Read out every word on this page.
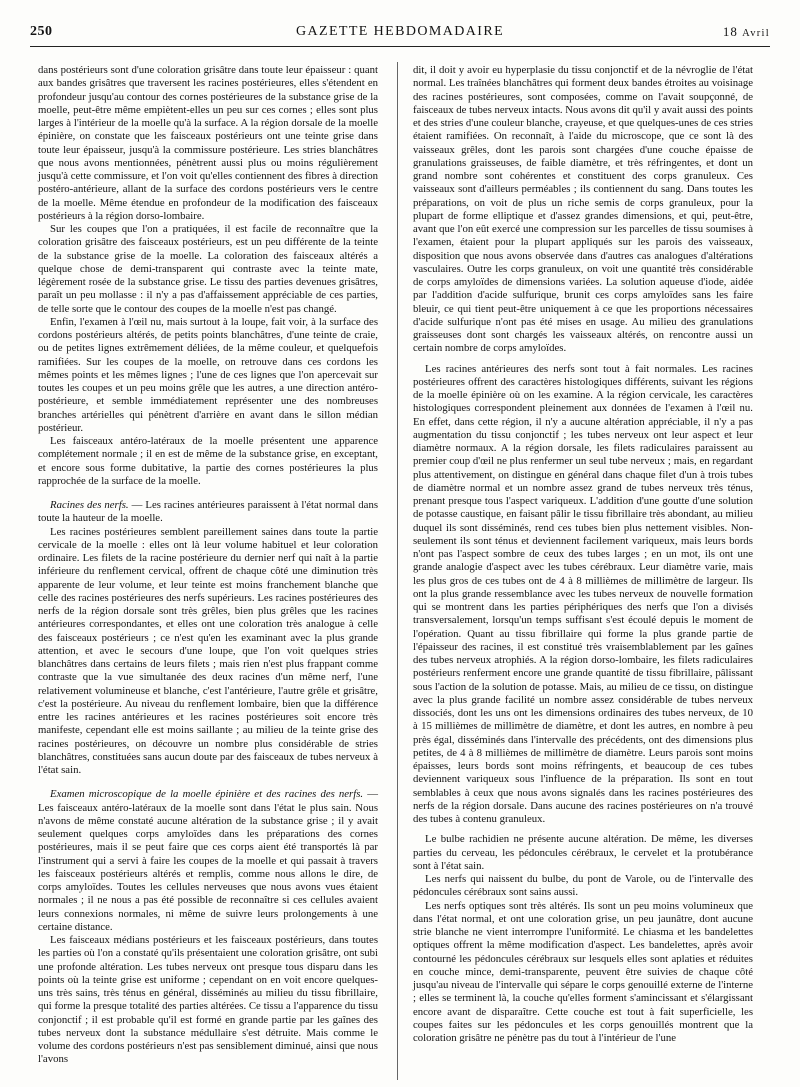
250	GAZETTE HEBDOMADAIRE	18 Avril

dans postérieurs sont d'une coloration grisâtre dans toute leur épaisseur : quant aux bandes grisâtres que traversent les racines postérieures, elles s'étendent en profondeur jusqu'au contour des cornes postérieures de la substance grise de la moelle, peut-être même empiètent-elles un peu sur ces cornes ; elles sont plus larges à l'intérieur de la moelle qu'à la surface. A la région dorsale de la moelle épinière, on constate que les faisceaux postérieurs ont une teinte grise dans toute leur épaisseur, jusqu'à la commissure postérieure. Les stries blanchâtres que nous avons mentionnées, pénètrent aussi plus ou moins régulièrement jusqu'à cette commissure, et l'on voit qu'elles contiennent des fibres à direction postéro-antérieure, allant de la surface des cordons postérieurs vers le centre de la moelle. Même étendue en profondeur de la modification des faisceaux postérieurs à la région dorso-lombaire.

Sur les coupes que l'on a pratiquées, il est facile de reconnaître que la coloration grisâtre des faisceaux postérieurs, est un peu différente de la teinte de la substance grise de la moelle. La coloration des faisceaux altérés a quelque chose de demi-transparent qui contraste avec la teinte mate, légèrement rosée de la substance grise. Le tissu des parties devenues grisâtres, paraît un peu mollasse : il n'y a pas d'affaissement appréciable de ces parties, de telle sorte que le contour des coupes de la moelle n'est pas changé.

Enfin, l'examen à l'œil nu, mais surtout à la loupe, fait voir, à la surface des cordons postérieurs altérés, de petits points blanchâtres, d'une teinte de craie, ou de petites lignes extrêmement déliées, de la même couleur, et quelquefois ramifiées. Sur les coupes de la moelle, on retrouve dans ces cordons les mêmes points et les mêmes lignes ; l'une de ces lignes que l'on apercevait sur toutes les coupes et un peu moins grêle que les autres, a une direction antéro-postérieure, et semble immédiatement représenter une des nombreuses branches artérielles qui pénètrent d'arrière en avant dans le sillon médian postérieur.

Les faisceaux antéro-latéraux de la moelle présentent une apparence complétement normale ; il en est de même de la substance grise, en exceptant, et encore sous forme dubitative, la partie des cornes postérieures la plus rapprochée de la surface de la moelle.

Racines des nerfs. — Les racines antérieures paraissent à l'état normal dans toute la hauteur de la moelle.

Les racines postérieures semblent pareillement saines dans toute la partie cervicale de la moelle : elles ont là leur volume habituel et leur coloration ordinaire. Les filets de la racine postérieure du dernier nerf qui naît à la partie inférieure du renflement cervical, offrent de chaque côté une diminution très apparente de leur volume, et leur teinte est moins franchement blanche que celle des racines postérieures des nerfs supérieurs. Les racines postérieures des nerfs de la région dorsale sont très grêles, bien plus grêles que les racines antérieures correspondantes, et elles ont une coloration très analogue à celle des faisceaux postérieurs ; ce n'est qu'en les examinant avec la plus grande attention, et avec le secours d'une loupe, que l'on voit quelques stries blanchâtres dans certains de leurs filets ; mais rien n'est plus frappant comme contraste que la vue simultanée des deux racines d'un même nerf, l'une relativement volumineuse et blanche, c'est l'antérieure, l'autre grêle et grisâtre, c'est la postérieure. Au niveau du renflement lombaire, bien que la différence entre les racines antérieures et les racines postérieures soit encore très manifeste, cependant elle est moins saillante ; au milieu de la teinte grise des racines postérieures, on découvre un nombre plus considérable de stries blanchâtres, constituées sans aucun doute par des faisceaux de tubes nerveux à l'état sain.

Examen microscopique de la moelle épinière et des racines des nerfs. — Les faisceaux antéro-latéraux de la moelle sont dans l'état le plus sain. Nous n'avons de même constaté aucune altération de la substance grise ; il y avait seulement quelques corps amyloïdes dans les préparations des cornes postérieures, mais il se peut faire que ces corps aient été transportés là par l'instrument qui a servi à faire les coupes de la moelle et qui passait à travers les faisceaux postérieurs altérés et remplis, comme nous allons le dire, de corps amyloïdes. Toutes les cellules nerveuses que nous avons vues étaient normales ; il ne nous a pas été possible de reconnaître si ces cellules avaient leurs connexions normales, ni même de suivre leurs prolongements à une certaine distance.

Les faisceaux médians postérieurs et les faisceaux postérieurs, dans toutes les parties où l'on a constaté qu'ils présentaient une coloration grisâtre, ont subi une profonde altération. Les tubes nerveux ont presque tous disparu dans les points où la teinte grise est uniforme ; cependant on en voit encore quelques-uns très sains, très ténus en général, disséminés au milieu du tissu fibrillaire, qui forme la presque totalité des parties altérées. Ce tissu a l'apparence du tissu conjonctif ; il est probable qu'il est formé en grande partie par les gaînes des tubes nerveux dont la substance médullaire s'est détruite. Mais comme le volume des cordons postérieurs n'est pas sensiblement diminué, ainsi que nous l'avons

dit, il doit y avoir eu hyperplasie du tissu conjonctif et de la névroglie de l'état normal. Les traînées blanchâtres qui forment deux bandes étroites au voisinage des racines postérieures, sont composées, comme on l'avait soupçonné, de faisceaux de tubes nerveux intacts. Nous avons dit qu'il y avait aussi des points et des stries d'une couleur blanche, crayeuse, et que quelques-unes de ces stries étaient ramifiées. On reconnaît, à l'aide du microscope, que ce sont là des vaisseaux grêles, dont les parois sont chargées d'une couche épaisse de granulations graisseuses, de faible diamètre, et très réfringentes, et dont un grand nombre sont cohérentes et constituent des corps granuleux. Ces vaisseaux sont d'ailleurs perméables ; ils contiennent du sang. Dans toutes les préparations, on voit de plus un riche semis de corps granuleux, pour la plupart de forme elliptique et d'assez grandes dimensions, et qui, peut-être, avant que l'on eût exercé une compression sur les parcelles de tissu soumises à l'examen, étaient pour la plupart appliqués sur les parois des vaisseaux, disposition que nous avons observée dans d'autres cas analogues d'altérations vasculaires. Outre les corps granuleux, on voit une quantité très considérable de corps amyloïdes de dimensions variées. La solution aqueuse d'iode, aidée par l'addition d'acide sulfurique, brunit ces corps amyloïdes sans les faire bleuir, ce qui tient peut-être uniquement à ce que les proportions nécessaires d'acide sulfurique n'ont pas été mises en usage. Au milieu des granulations graisseuses dont sont chargés les vaisseaux altérés, on rencontre aussi un certain nombre de corps amyloïdes.

Les racines antérieures des nerfs sont tout à fait normales. Les racines postérieures offrent des caractères histologiques différents, suivant les régions de la moelle épinière où on les examine. A la région cervicale, les caractères histologiques correspondent pleinement aux données de l'examen à l'œil nu. En effet, dans cette région, il n'y a aucune altération appréciable, il n'y a pas augmentation du tissu conjonctif ; les tubes nerveux ont leur aspect et leur diamètre normaux. A la région dorsale, les filets radiculaires paraissent au premier coup d'œil ne plus renfermer un seul tube nerveux ; mais, en regardant plus attentivement, on distingue en général dans chaque filet d'un à trois tubes de diamètre normal et un nombre assez grand de tubes nerveux très ténus, prenant presque tous l'aspect variqueux. L'addition d'une goutte d'une solution de potasse caustique, en faisant pâlir le tissu fibrillaire très abondant, au milieu duquel ils sont disséminés, rend ces tubes bien plus nettement visibles. Non-seulement ils sont ténus et deviennent facilement variqueux, mais leurs bords n'ont pas l'aspect sombre de ceux des tubes larges ; en un mot, ils ont une grande analogie d'aspect avec les tubes cérébraux. Leur diamètre varie, mais les plus gros de ces tubes ont de 4 à 8 millièmes de millimètre de largeur. Ils ont la plus grande ressemblance avec les tubes nerveux de nouvelle formation qui se montrent dans les parties périphériques des nerfs que l'on a divisés transversalement, lorsqu'un temps suffisant s'est écoulé depuis le moment de l'opération. Quant au tissu fibrillaire qui forme la plus grande partie de l'épaisseur des racines, il est constitué très vraisemblablement par les gaînes des tubes nerveux atrophiés. A la région dorso-lombaire, les filets radiculaires postérieurs renferment encore une grande quantité de tissu fibrillaire, pâlissant sous l'action de la solution de potasse. Mais, au milieu de ce tissu, on distingue avec la plus grande facilité un nombre assez considérable de tubes nerveux dissociés, dont les uns ont les dimensions ordinaires des tubes nerveux, de 10 à 15 millièmes de millimètre de diamètre, et dont les autres, en nombre à peu près égal, disséminés dans l'intervalle des précédents, ont des dimensions plus petites, de 4 à 8 millièmes de millimètre de diamètre. Leurs parois sont moins épaisses, leurs bords sont moins réfringents, et beaucoup de ces tubes deviennent variqueux sous l'influence de la préparation. Ils sont en tout semblables à ceux que nous avons signalés dans les racines postérieures des nerfs de la région dorsale. Dans aucune des racines postérieures on n'a trouvé des tubes à contenu granuleux.

Le bulbe rachidien ne présente aucune altération. De même, les diverses parties du cerveau, les pédoncules cérébraux, le cervelet et la protubérance sont à l'état sain.

Les nerfs qui naissent du bulbe, du pont de Varole, ou de l'intervalle des pédoncules cérébraux sont sains aussi.

Les nerfs optiques sont très altérés. Ils sont un peu moins volumineux que dans l'état normal, et ont une coloration grise, un peu jaunâtre, dont aucune strie blanche ne vient interrompre l'uniformité. Le chiasma et les bandelettes optiques offrent la même modification d'aspect. Les bandelettes, après avoir contourné les pédoncules cérébraux sur lesquels elles sont aplaties et réduites en couche mince, demi-transparente, peuvent être suivies de chaque côté jusqu'au niveau de l'intervalle qui sépare le corps genouillé externe de l'interne ; elles se terminent là, la couche qu'elles forment s'amincissant et s'élargissant encore avant de disparaître. Cette couche est tout à fait superficielle, les coupes faites sur les pédoncules et les corps genouillés montrent que la coloration grisâtre ne pénètre pas du tout à l'intérieur de l'une
